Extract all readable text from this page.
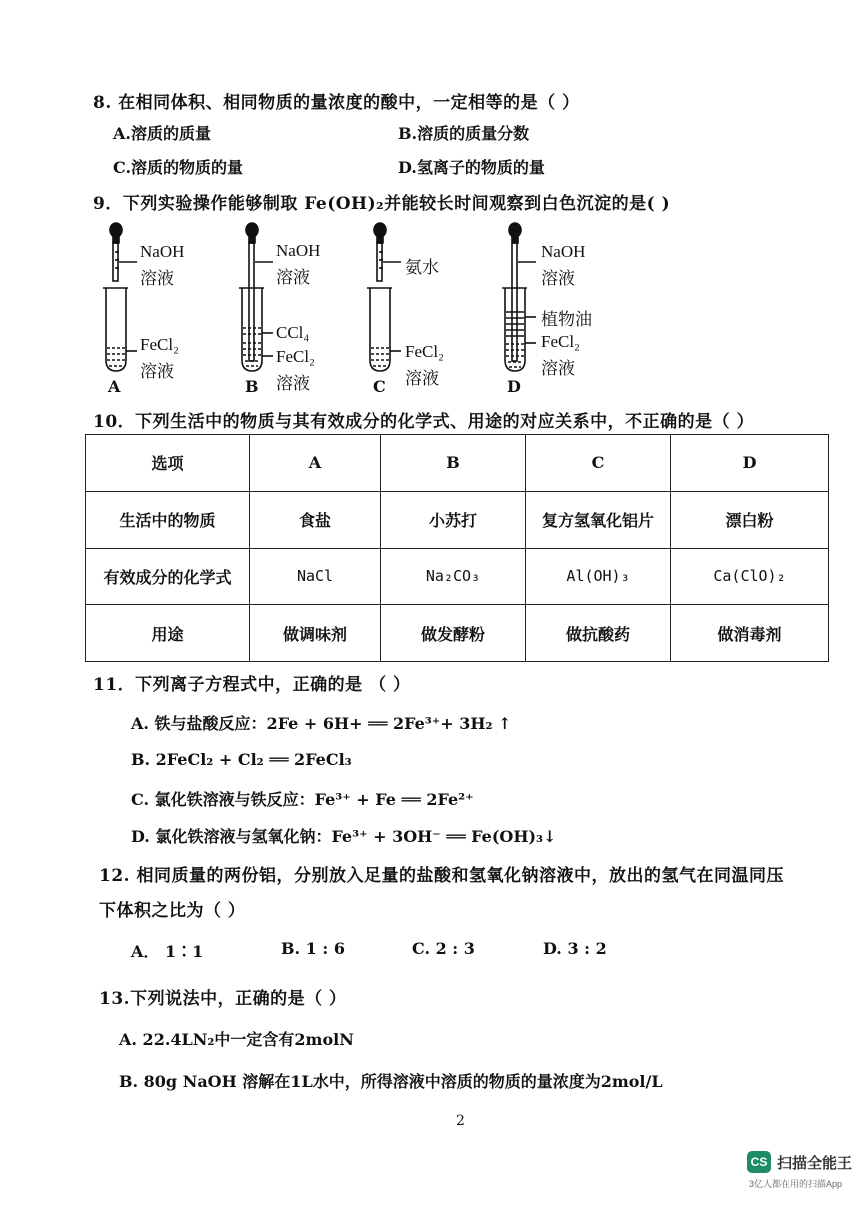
8. 在相同体积、相同物质的量浓度的酸中，一定相等的是（ ）
A.溶质的质量	B.溶质的质量分数
C.溶质的物质的量	D.氢离子的物质的量
9．下列实验操作能够制取 Fe(OH)₂并能较长时间观察到白色沉淀的是( )
NaOH
溶液
FeCl₂
溶液
A
NaOH
溶液
CCl₄
FeCl₂
溶液
B
氨水
FeCl₂
溶液
C
NaOH
溶液
植物油
FeCl₂
溶液
D
10．下列生活中的物质与其有效成分的化学式、用途的对应关系中，不正确的是（ ）
选项	A	B	C	D
生活中的物质	食盐	小苏打	复方氢氧化铝片	漂白粉
有效成分的化学式	NaCl	Na₂CO₃	Al(OH)₃	Ca(ClO)₂
用途	做调味剂	做发酵粉	做抗酸药	做消毒剂
11．下列离子方程式中，正确的是 （ ）
A. 铁与盐酸反应：2Fe + 6H+ ══ 2Fe³⁺+ 3H₂ ↑
B. 2FeCl₂ + Cl₂ ══ 2FeCl₃
C. 氯化铁溶液与铁反应：Fe³⁺ + Fe ══ 2Fe²⁺
D. 氯化铁溶液与氢氧化钠：Fe³⁺ + 3OH⁻ ══ Fe(OH)₃↓
12. 相同质量的两份铝，分别放入足量的盐酸和氢氧化钠溶液中，放出的氢气在同温同压
下体积之比为（ ）
A． 1∶1	B. 1 : 6	C. 2 : 3	D. 3 : 2
13.下列说法中，正确的是（ ）
A. 22.4LN₂中一定含有2molN
B. 80g NaOH 溶解在1L水中，所得溶液中溶质的物质的量浓度为2mol/L
2
CS 扫描全能王
3亿人都在用的扫描App
